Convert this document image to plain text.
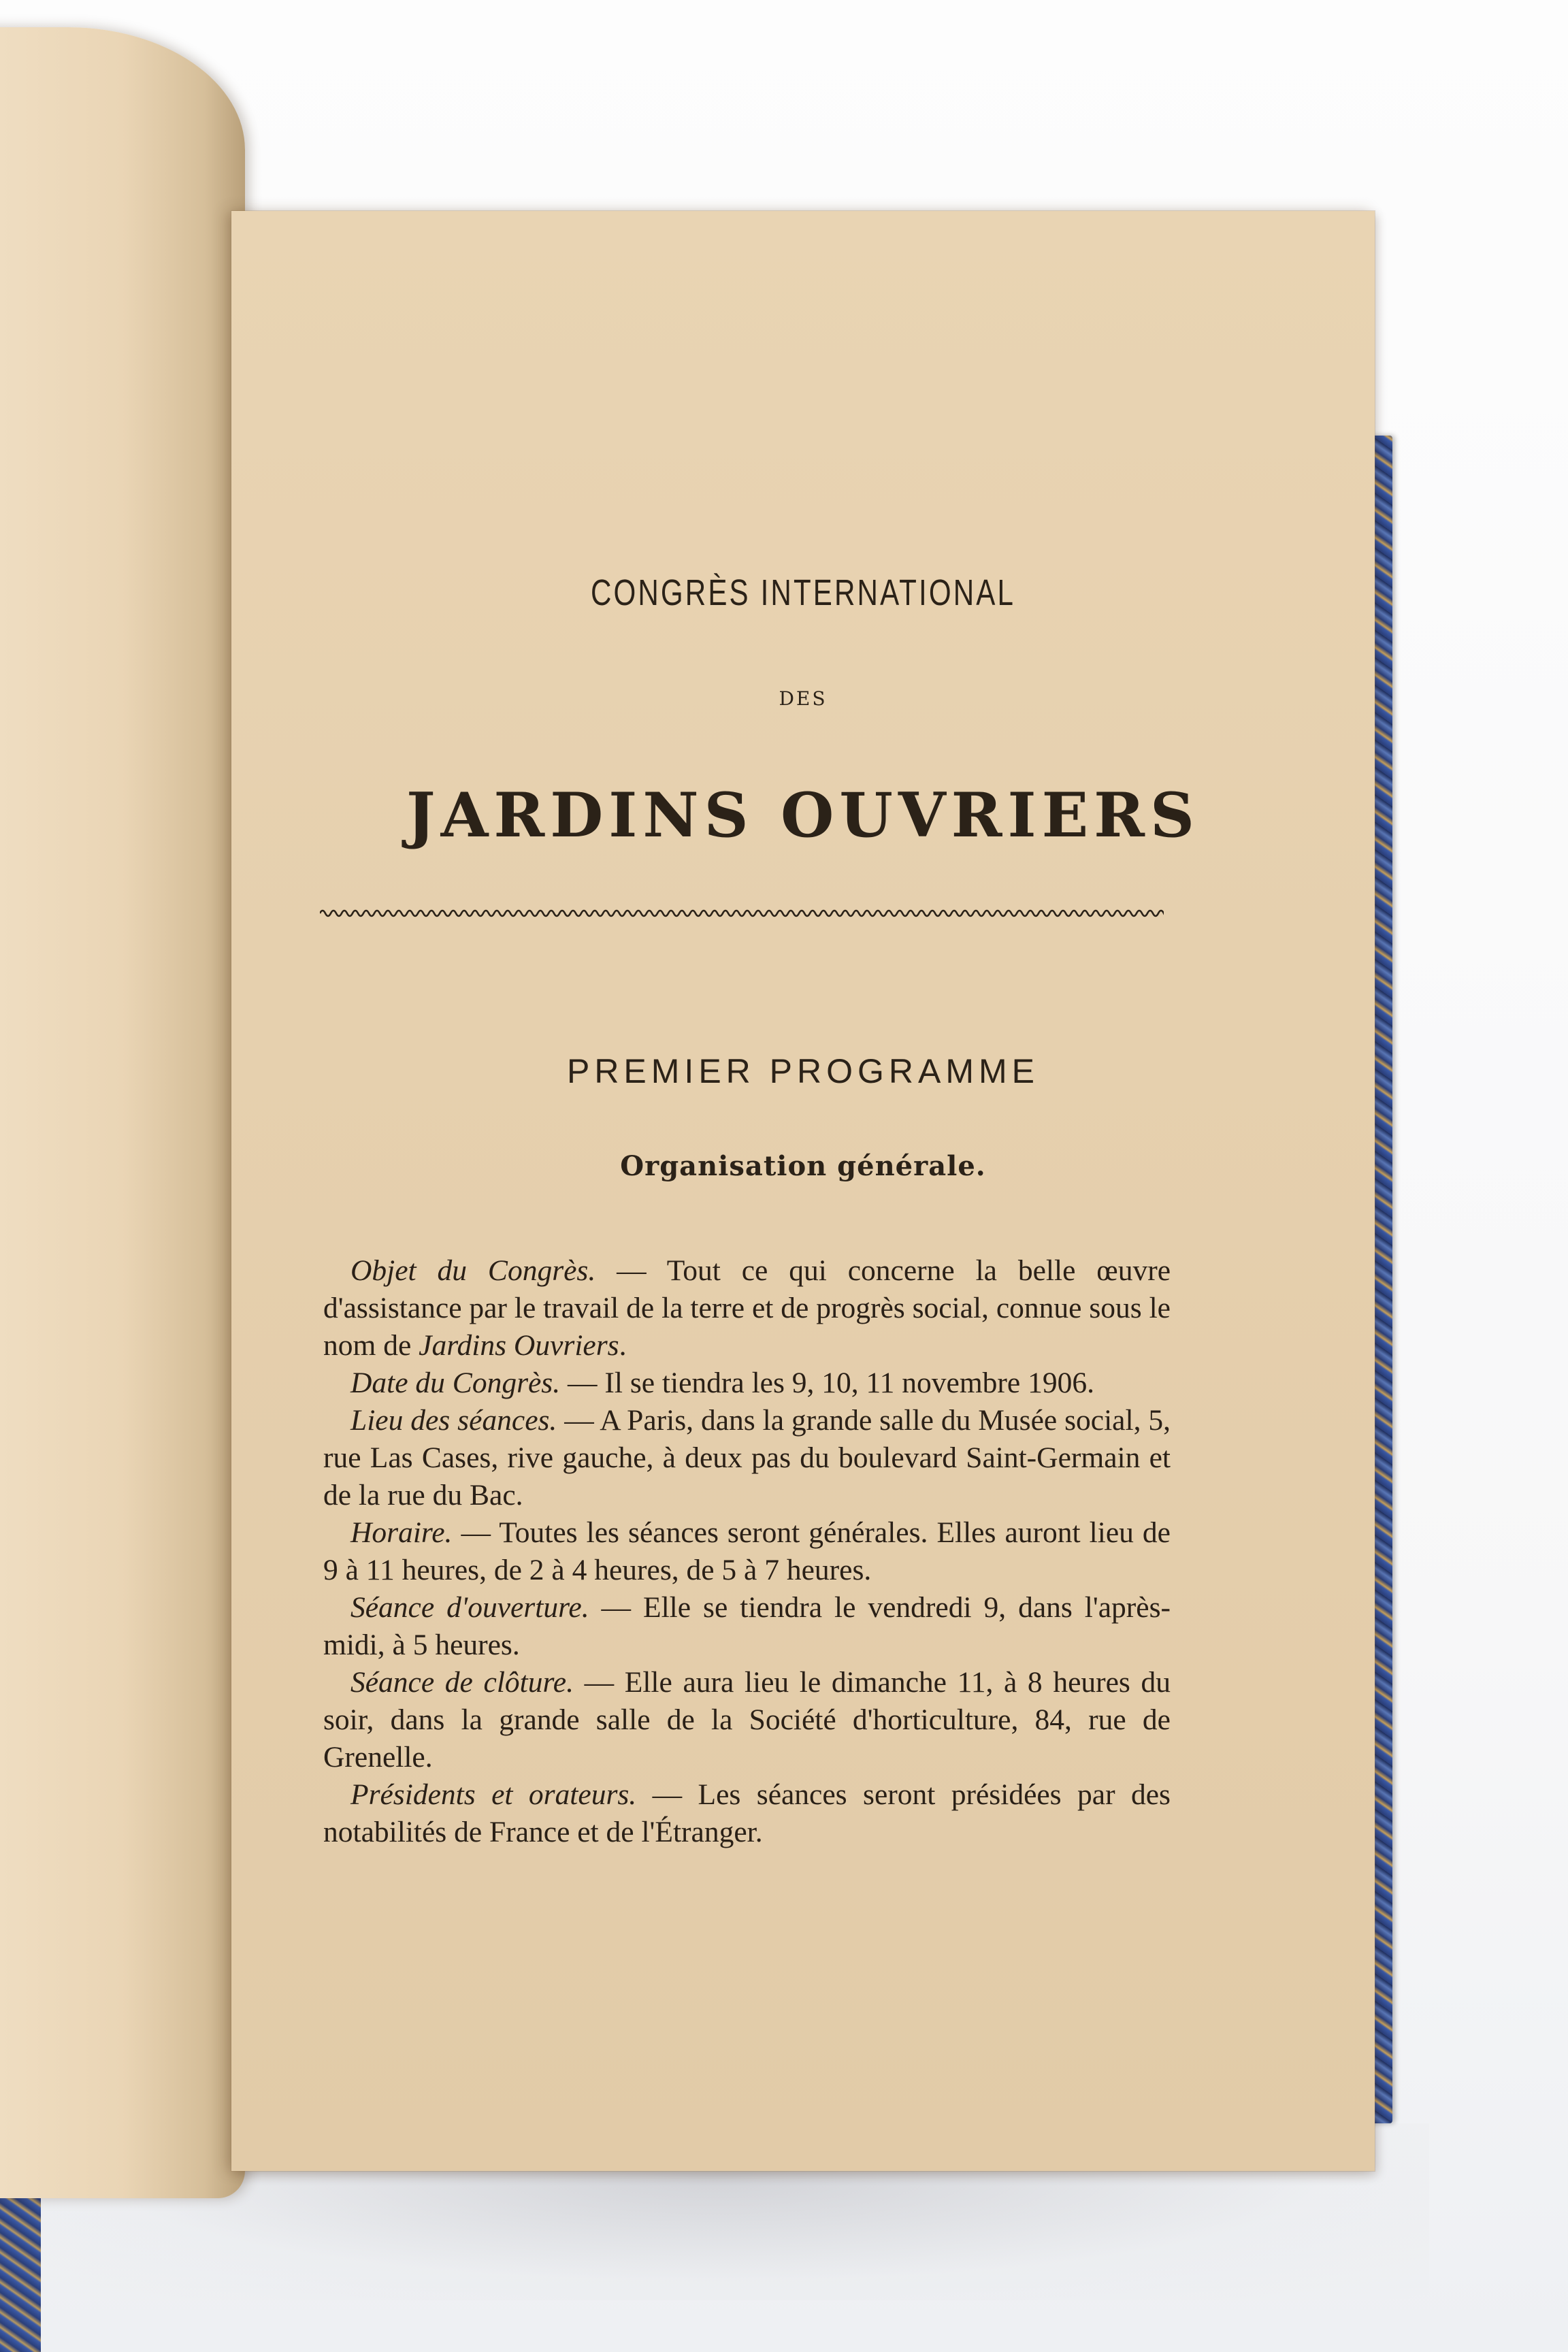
CONGRÈS INTERNATIONAL
DES
JARDINS OUVRIERS
PREMIER PROGRAMME
Organisation générale.

Objet du Congrès. — Tout ce qui concerne la belle œuvre d'assistance par le travail de la terre et de progrès social, connue sous le nom de Jardins Ouvriers.

Date du Congrès. — Il se tiendra les 9, 10, 11 novembre 1906.

Lieu des séances. — A Paris, dans la grande salle du Musée social, 5, rue Las Cases, rive gauche, à deux pas du boulevard Saint-Germain et de la rue du Bac.

Horaire. — Toutes les séances seront générales. Elles auront lieu de 9 à 11 heures, de 2 à 4 heures, de 5 à 7 heures.

Séance d'ouverture. — Elle se tiendra le vendredi 9, dans l'après-midi, à 5 heures.

Séance de clôture. — Elle aura lieu le dimanche 11, à 8 heures du soir, dans la grande salle de la Société d'horticulture, 84, rue de Grenelle.

Présidents et orateurs. — Les séances seront présidées par des notabilités de France et de l'Étranger.
